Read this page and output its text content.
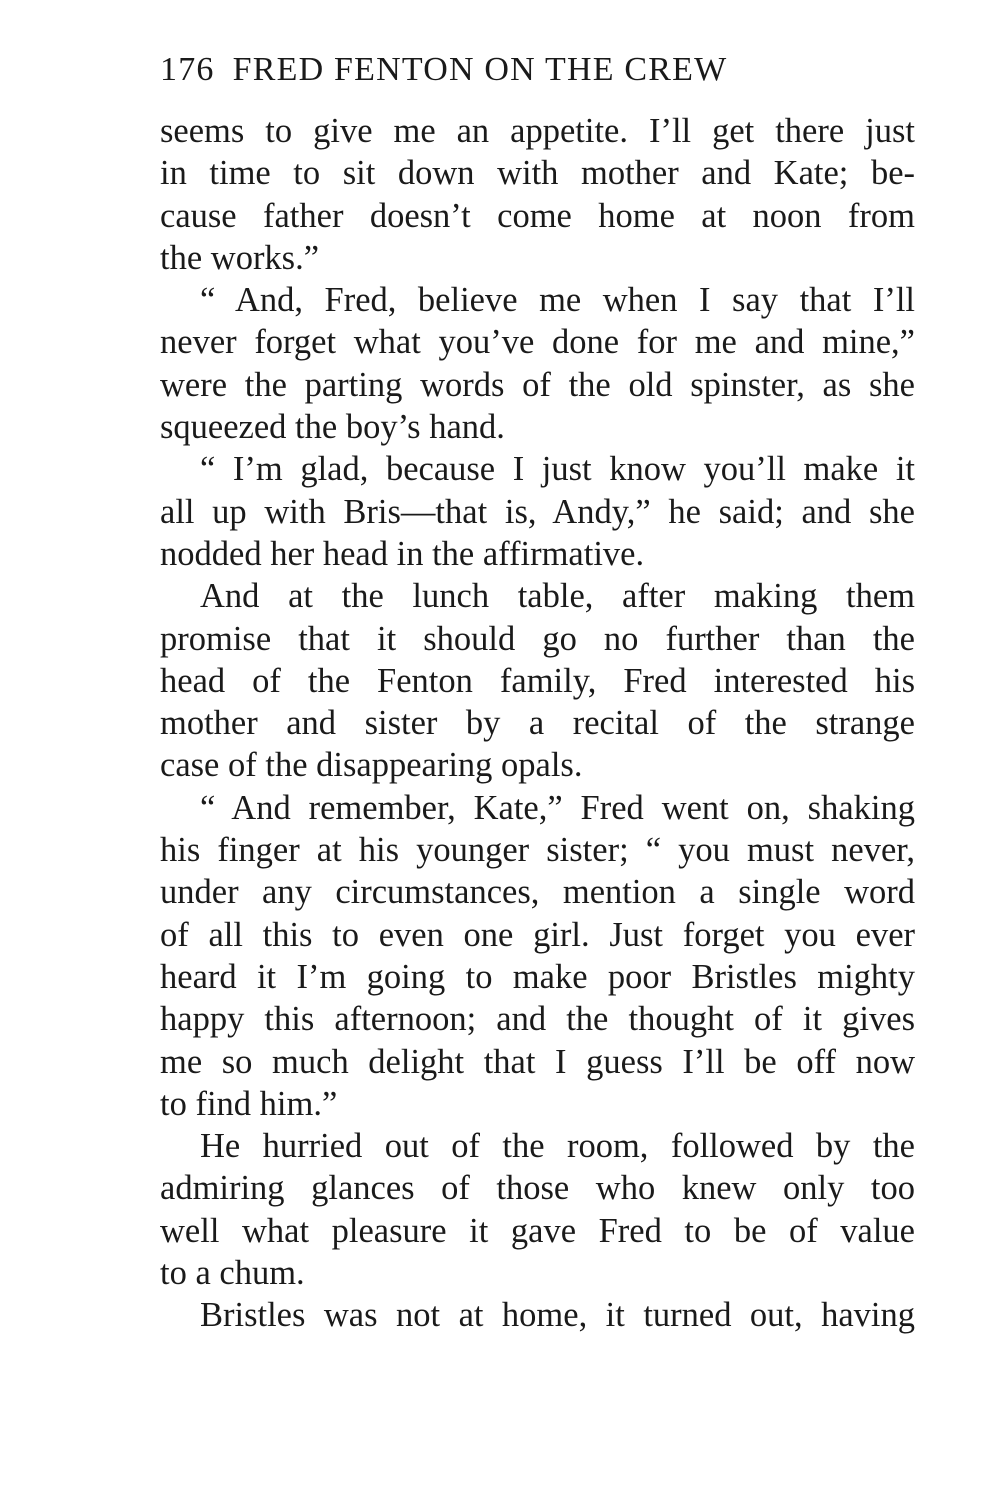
176 FRED FENTON ON THE CREW
seems to give me an appetite. I’ll get there just
in time to sit down with mother and Kate; be-
cause father doesn’t come home at noon from
the works.”
“ And, Fred, believe me when I say that I’ll
never forget what you’ve done for me and mine,”
were the parting words of the old spinster, as she
squeezed the boy’s hand.
“ I’m glad, because I just know you’ll make it
all up with Bris—that is, Andy,” he said; and she
nodded her head in the affirmative.
And at the lunch table, after making them
promise that it should go no further than the
head of the Fenton family, Fred interested his
mother and sister by a recital of the strange
case of the disappearing opals.
“ And remember, Kate,” Fred went on, shaking
his finger at his younger sister; “ you must never,
under any circumstances, mention a single word
of all this to even one girl. Just forget you ever
heard it I’m going to make poor Bristles mighty
happy this afternoon; and the thought of it gives
me so much delight that I guess I’ll be off now
to find him.”
He hurried out of the room, followed by the
admiring glances of those who knew only too
well what pleasure it gave Fred to be of value
to a chum.
Bristles was not at home, it turned out, having
